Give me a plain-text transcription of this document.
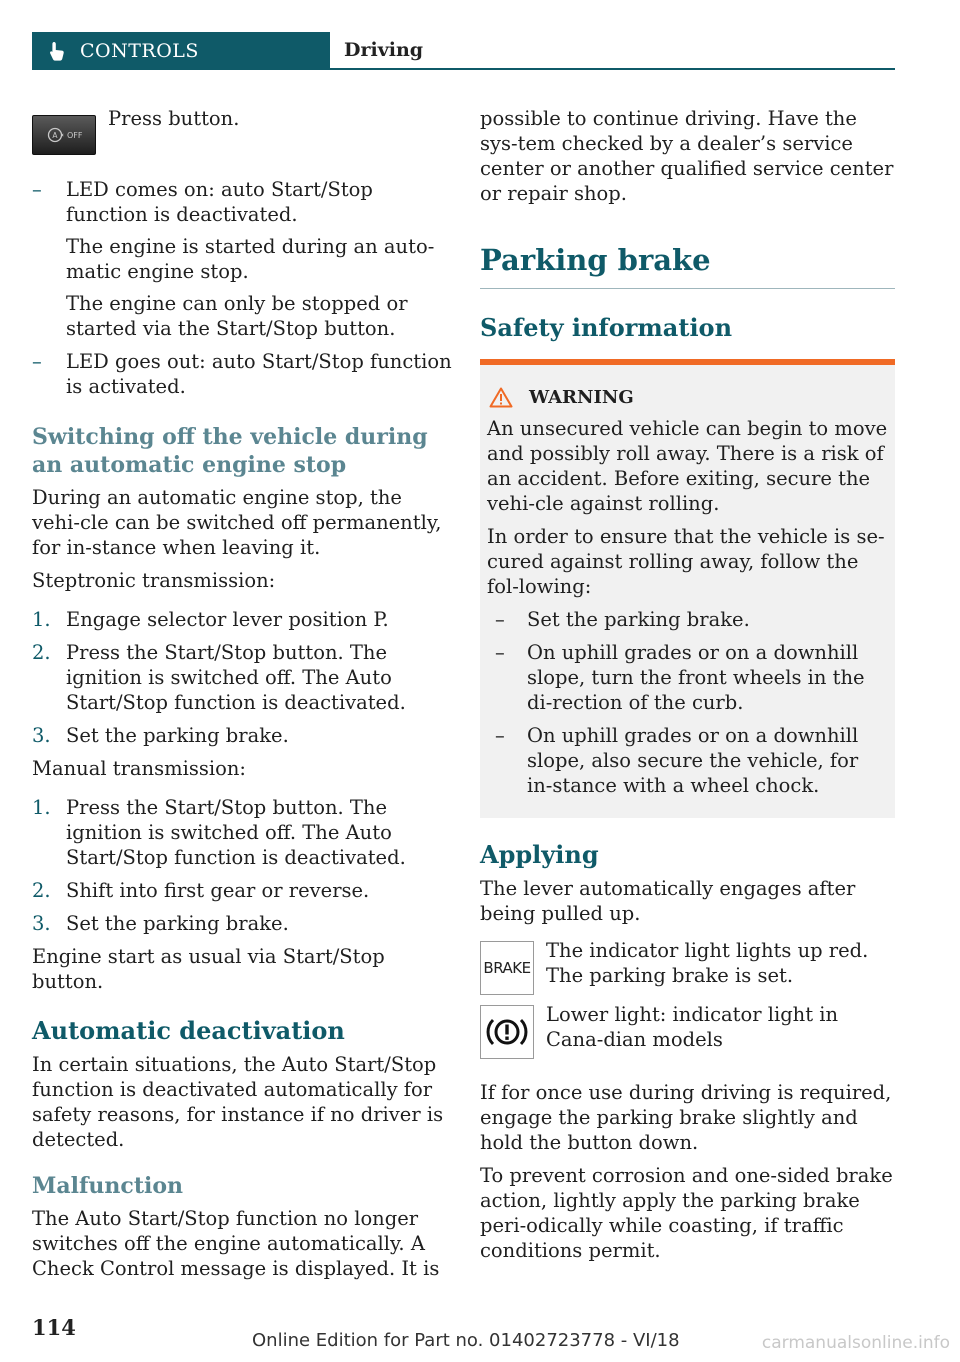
CONTROLS	Driving
A OFF

Press button.

– LED comes on: auto Start/Stop function is deactivated.
The engine is started during an auto-matic engine stop.
The engine can only be stopped or started via the Start/Stop button.
– LED goes out: auto Start/Stop function is activated.
Switching off the vehicle during an automatic engine stop

During an automatic engine stop, the vehi-cle can be switched off permanently, for in-stance when leaving it.

Steptronic transmission:

1. Engage selector lever position P.
2. Press the Start/Stop button. The ignition is switched off. The Auto Start/Stop function is deactivated.
3. Set the parking brake.

Manual transmission:

1. Press the Start/Stop button. The ignition is switched off. The Auto Start/Stop function is deactivated.
2. Shift into first gear or reverse.
3. Set the parking brake.

Engine start as usual via Start/Stop button.

Automatic deactivation

In certain situations, the Auto Start/Stop function is deactivated automatically for safety reasons, for instance if no driver is detected.

Malfunction

The Auto Start/Stop function no longer switches off the engine automatically. A Check Control message is displayed. It is

possible to continue driving. Have the sys-tem checked by a dealer’s service center or another qualified service center or repair shop.

Parking brake
Safety information
WARNING

An unsecured vehicle can begin to move and possibly roll away. There is a risk of an accident. Before exiting, secure the vehi-cle against rolling.

In order to ensure that the vehicle is se-cured against rolling away, follow the fol-lowing:

– Set the parking brake.
– On uphill grades or on a downhill slope, turn the front wheels in the di-rection of the curb.
– On uphill grades or on a downhill slope, also secure the vehicle, for in-stance with a wheel chock.
Applying

The lever automatically engages after being pulled up.

BRAKE

The indicator light lights up red. The parking brake is set.

Lower light: indicator light in Cana-dian models

If for once use during driving is required, engage the parking brake slightly and hold the button down.

To prevent corrosion and one-sided brake action, lightly apply the parking brake peri-odically while coasting, if traffic conditions permit.

114
Online Edition for Part no. 01402723778 - VI/18	carmanualsonline.info
